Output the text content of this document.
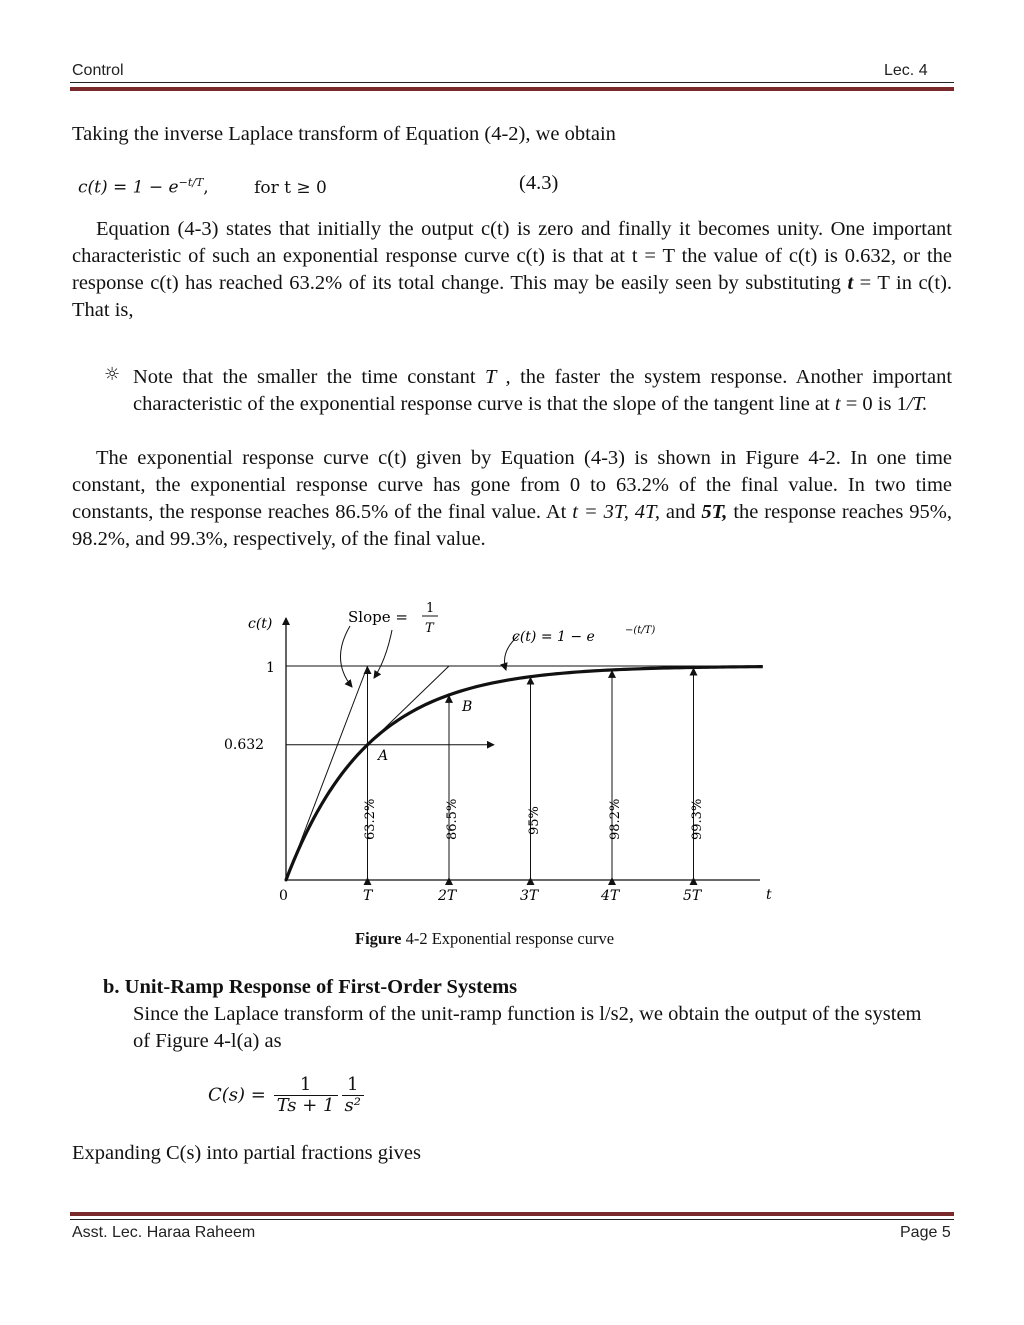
Control	Lec. 4
Taking the inverse Laplace transform of Equation (4-2), we obtain
$c(t) = 1 - e^{-t/T}$,	for t ≥ 0	(4.3)
Equation (4-3) states that initially the output c(t) is zero and finally it becomes unity. One important characteristic of such an exponential response curve c(t) is that at t = T the value of c(t) is 0.632, or the response c(t) has reached 63.2% of its total change. This may be easily seen by substituting t = T in c(t). That is,
☼ Note that the smaller the time constant T , the faster the system response. Another important characteristic of the exponential response curve is that the slope of the tangent line at t = 0 is 1/T.
The exponential response curve c(t) given by Equation (4-3) is shown in Figure 4-2. In one time constant, the exponential response curve has gone from 0 to 63.2% of the final value. In two time constants, the response reaches 86.5% of the final value. At t = 3T, 4T, and 5T, the response reaches 95%, 98.2%, and 99.3%, respectively, of the final value.
c(t)
t
1
0.632
0	T	2T	3T	4T	5T
Slope = 1
T
c(t) = 1 − e	−(t/T)
A
B
63.2%	86.5%	95%	98.2%	99.3%
Figure 4-2 Exponential response curve
b. Unit-Ramp Response of First-Order Systems
Since the Laplace transform of the unit-ramp function is l/s2, we obtain the output of the system of Figure 4-l(a) as
$C(s) = \frac{1}{Ts + 1} \frac{1}{\text{s²}}$
Expanding C(s) into partial fractions gives
Asst. Lec. Haraa Raheem	Page 5
